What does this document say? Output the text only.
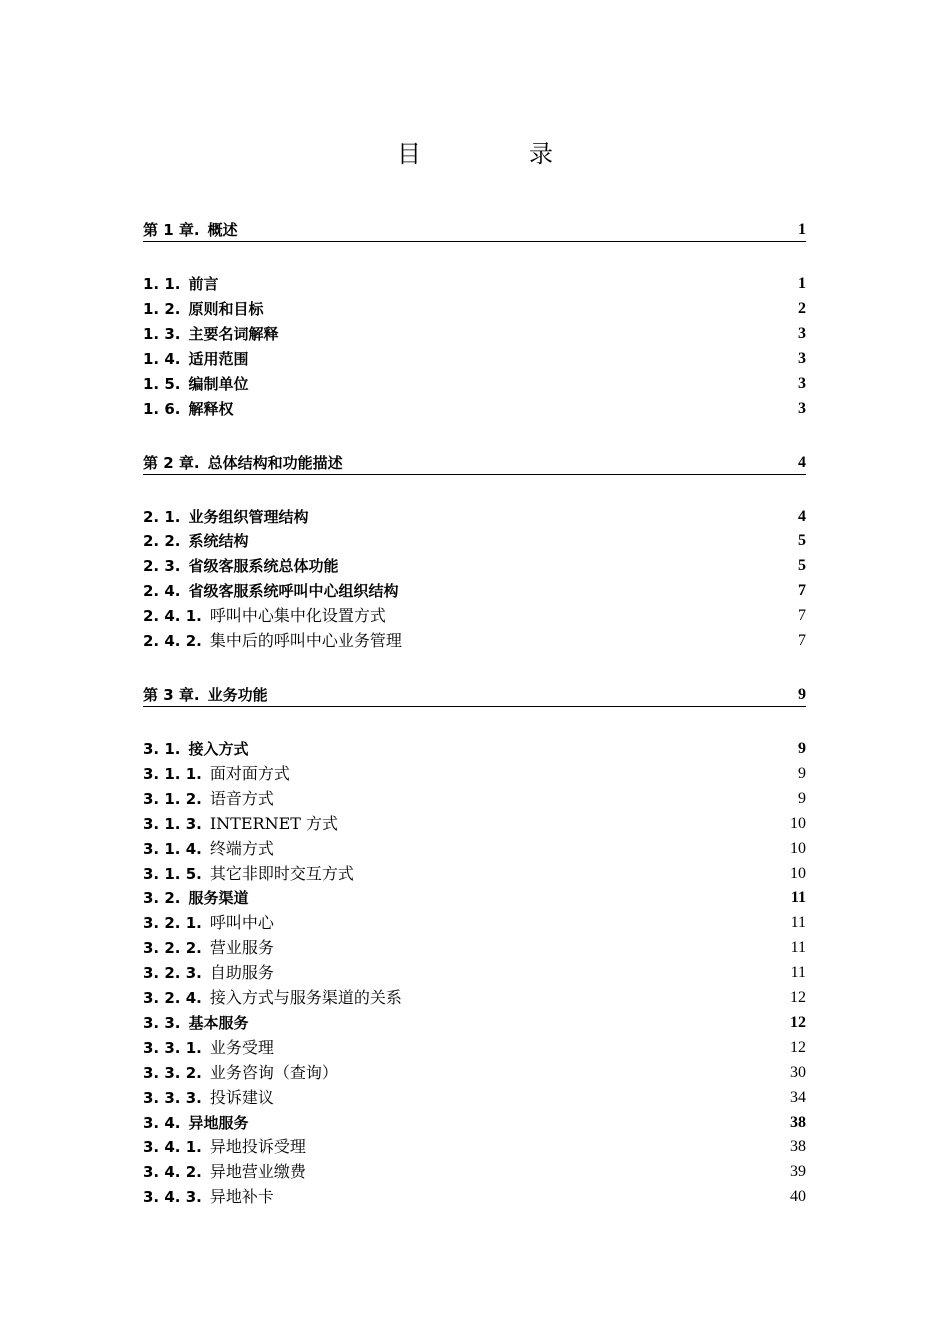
目　录
第 1 章. 概述	1
1. 1. 前言	1
1. 2. 原则和目标	2
1. 3. 主要名词解释	3
1. 4. 适用范围	3
1. 5. 编制单位	3
1. 6. 解释权	3
第 2 章. 总体结构和功能描述	4
2. 1. 业务组织管理结构	4
2. 2. 系统结构	5
2. 3. 省级客服系统总体功能	5
2. 4. 省级客服系统呼叫中心组织结构	7
2. 4. 1. 呼叫中心集中化设置方式	7
2. 4. 2. 集中后的呼叫中心业务管理	7
第 3 章. 业务功能	9
3. 1. 接入方式	9
3. 1. 1. 面对面方式	9
3. 1. 2. 语音方式	9
3. 1. 3. INTERNET 方式	10
3. 1. 4. 终端方式	10
3. 1. 5. 其它非即时交互方式	10
3. 2. 服务渠道	11
3. 2. 1. 呼叫中心	11
3. 2. 2. 营业服务	11
3. 2. 3. 自助服务	11
3. 2. 4. 接入方式与服务渠道的关系	12
3. 3. 基本服务	12
3. 3. 1. 业务受理	12
3. 3. 2. 业务咨询（查询）	30
3. 3. 3. 投诉建议	34
3. 4. 异地服务	38
3. 4. 1. 异地投诉受理	38
3. 4. 2. 异地营业缴费	39
3. 4. 3. 异地补卡	40
